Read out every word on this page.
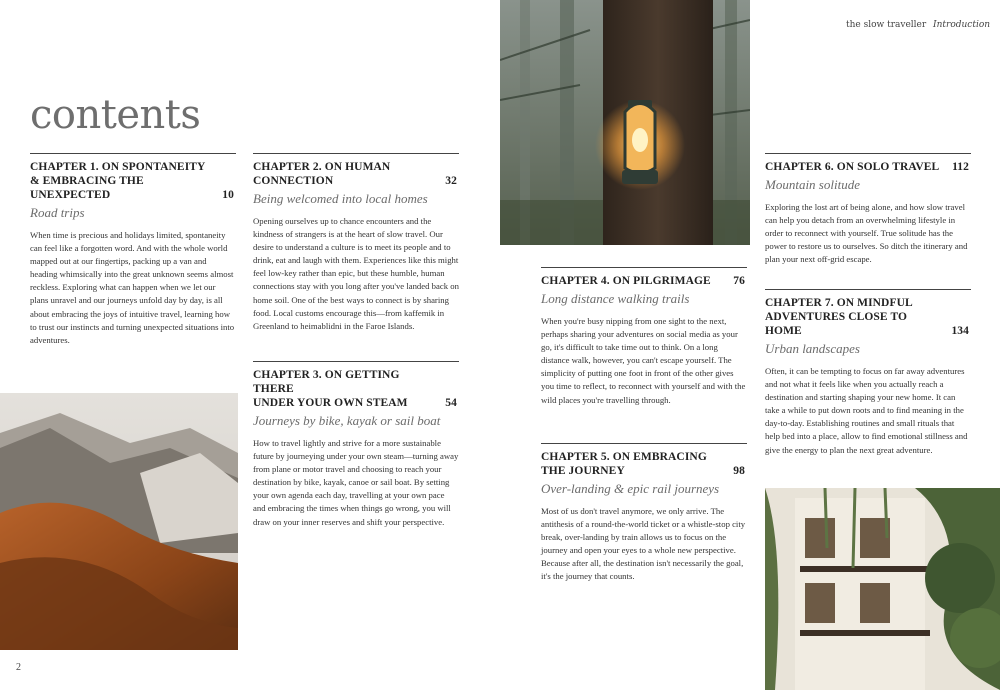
the slow traveller Introduction
contents
CHAPTER 1. ON SPONTANEITY
& EMBRACING THE UNEXPECTED	10
Road trips
When time is precious and holidays limited, spontaneity can feel like a forgotten word. And with the whole world mapped out at our fingertips, packing up a van and heading whimsically into the great unknown seems almost reckless. Exploring what can happen when we let our plans unravel and our journeys unfold day by day, is all about embracing the joys of intuitive travel, learning how to trust our instincts and turning unexpected situations into adventures.
CHAPTER 2. ON HUMAN
CONNECTION	32
Being welcomed into local homes
Opening ourselves up to chance encounters and the kindness of strangers is at the heart of slow travel. Our desire to understand a culture is to meet its people and to drink, eat and laugh with them. Experiences like this might feel low-key rather than epic, but these humble, human connections stay with you long after you've landed back on home soil. One of the best ways to connect is by sharing food. Local customs encourage this—from kaffemik in Greenland to heimablidni in the Faroe Islands.
CHAPTER 3. ON GETTING THERE
UNDER YOUR OWN STEAM	54
Journeys by bike, kayak or sail boat
How to travel lightly and strive for a more sustainable future by journeying under your own steam—turning away from plane or motor travel and choosing to reach your destination by bike, kayak, canoe or sail boat. By setting your own agenda each day, travelling at your own pace and embracing the times when things go wrong, you will draw on your inner reserves and shift your perspective.
CHAPTER 4. ON PILGRIMAGE	76
Long distance walking trails
When you're busy nipping from one sight to the next, perhaps sharing your adventures on social media as your go, it's difficult to take time out to think. On a long distance walk, however, you can't escape yourself. The simplicity of putting one foot in front of the other gives you time to reflect, to reconnect with yourself and with the wild places you're travelling through.
CHAPTER 5. ON EMBRACING
THE JOURNEY	98
Over-landing & epic rail journeys
Most of us don't travel anymore, we only arrive. The antithesis of a round-the-world ticket or a whistle-stop city break, over-landing by train allows us to focus on the journey and open your eyes to a whole new perspective. Because after all, the destination isn't necessarily the goal, it's the journey that counts.
CHAPTER 6. ON SOLO TRAVEL	112
Mountain solitude
Exploring the lost art of being alone, and how slow travel can help you detach from an overwhelming lifestyle in order to reconnect with yourself. True solitude has the power to restore us to ourselves. So ditch the itinerary and plan your next off-grid escape.
CHAPTER 7. ON MINDFUL
ADVENTURES CLOSE TO HOME	134
Urban landscapes
Often, it can be tempting to focus on far away adventures and not what it feels like when you actually reach a destination and starting shaping your new home. It can take a while to put down roots and to find meaning in the day-to-day. Establishing routines and small rituals that help bed into a place, allow to find emotional stillness and give the energy to plan the next great adventure.
2
